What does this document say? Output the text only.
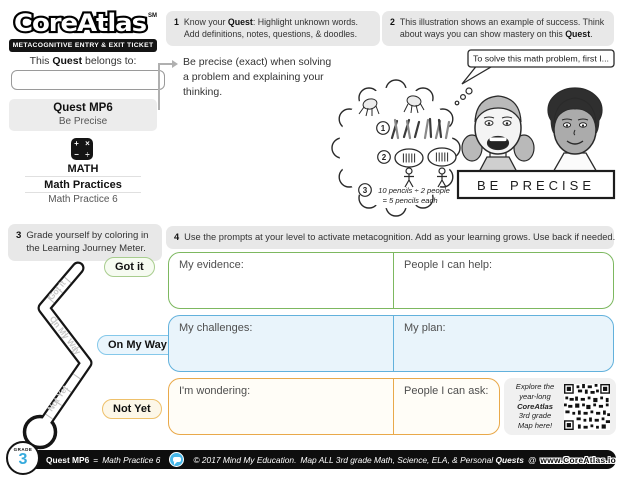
CoreAtlas SM
METACOGNITIVE ENTRY & EXIT TICKET
This Quest belongs to:
Quest MP6
Be Precise
+ ×
− ÷
MATH
Math Practices
Math Practice 6
1 Know your Quest: Highlight unknown words. Add definitions, notes, questions, & doodles.
Be precise (exact) when solving a problem and explaining your thinking.
2 This illustration shows an example of success. Think about ways you can show mastery on this Quest.
1
2
3 10 pencils ÷ 2 people
= 5 pencils each
BE PRECISE
To solve this math problem, first I...
3 Grade yourself by coloring in the Learning Journey Meter.
Got it
On My Way
Not Yet
Got it
On My Way
Not Yet
4 Use the prompts at your level to activate metacognition. Add as your learning grows. Use back if needed.
My evidence:	People I can help:
My challenges:	My plan:
I'm wondering:	People I can ask:	Explore the
year-long
CoreAtlas
3rd grade
Map here!
GRADE
3 Quest MP6 = Math Practice 6	© 2017 Mind My Education. Map ALL 3rd grade Math, Science, ELA, & Personal Quests @ www.CoreAtlas.io
